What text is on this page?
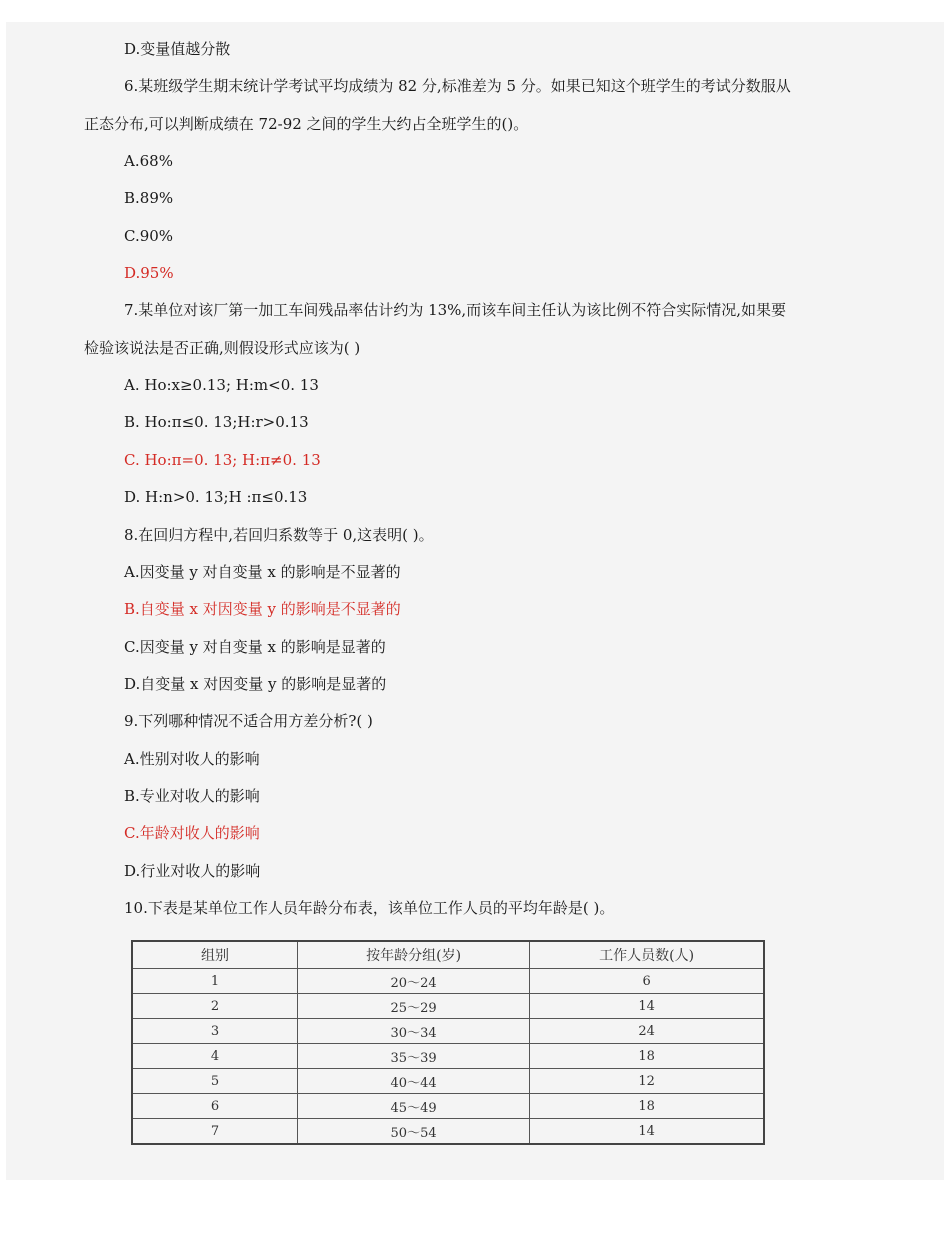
D.变量值越分散
6.某班级学生期末统计学考试平均成绩为 82 分,标准差为 5 分。如果已知这个班学生的考试分数服从
正态分布,可以判断成绩在 72-92 之间的学生大约占全班学生的()。
A.68%
B.89%
C.90%
D.95%
7.某单位对该厂第一加工车间残品率估计约为 13%,而该车间主任认为该比例不符合实际情况,如果要
检验该说法是否正确,则假设形式应该为( )
A. Ho:x≥0.13; H:m<0. 13
B. Ho:π≤0. 13;H:r>0.13
C. Ho:π=0. 13; H:π≠0. 13
D. H:n>0. 13;H :π≤0.13
8.在回归方程中,若回归系数等于 0,这表明( )。
A.因变量 y 对自变量 x 的影响是不显著的
B.自变量 x 对因变量 y 的影响是不显著的
C.因变量 y 对自变量 x 的影响是显著的
D.自变量 x 对因变量 y 的影响是显著的
9.下列哪种情况不适合用方差分析?( )
A.性别对收人的影响
B.专业对收人的影响
C.年龄对收人的影响
D.行业对收人的影响
10.下表是某单位工作人员年龄分布表，该单位工作人员的平均年龄是( )。
组别	按年龄分组(岁)	工作人员数(人)
1	20～24	6
2	25～29	14
3	30～34	24
4	35～39	18
5	40～44	12
6	45～49	18
7	50～54	14
